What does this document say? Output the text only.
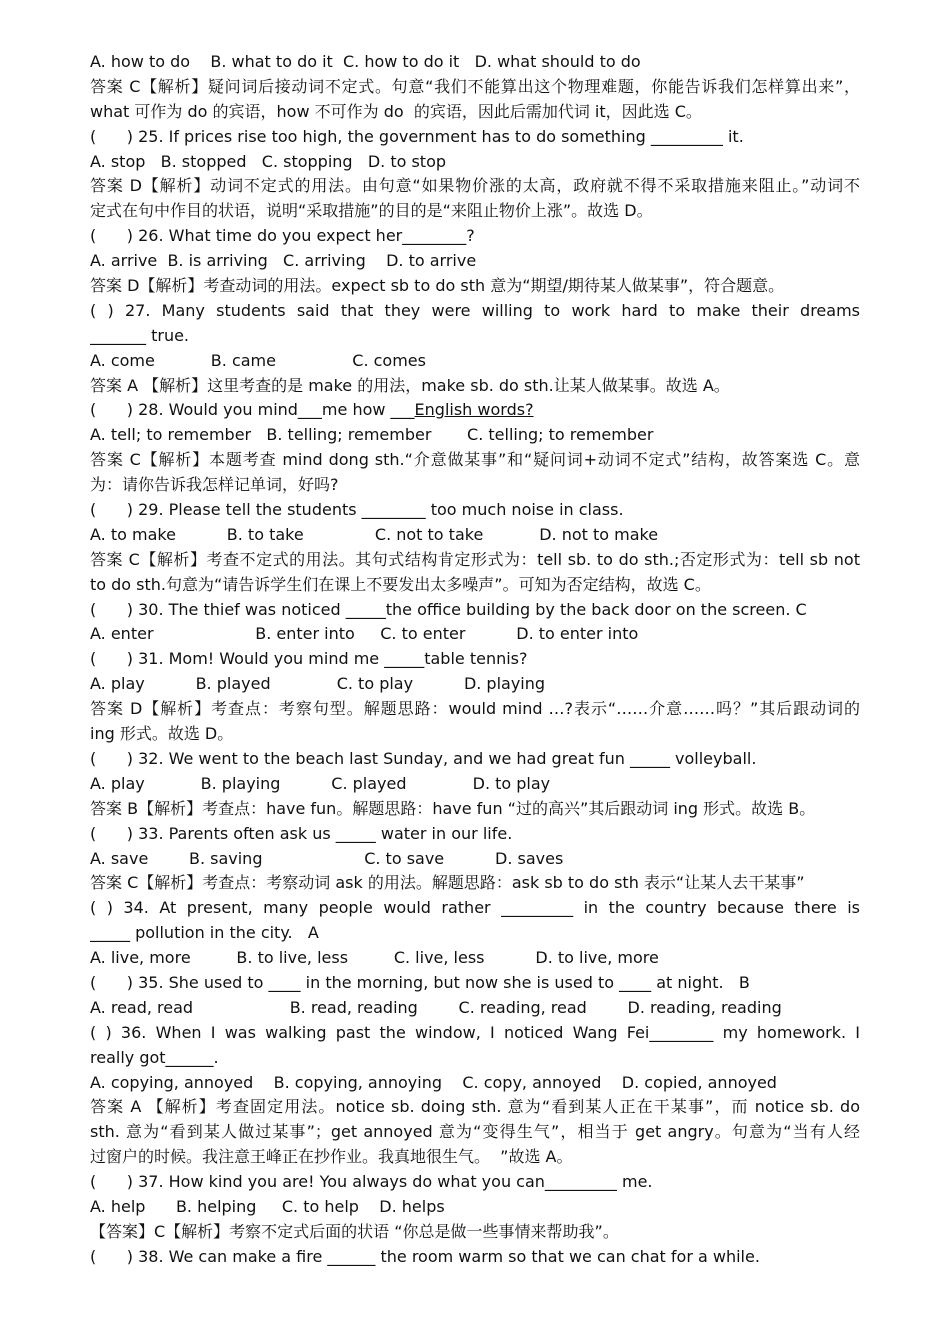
A. how to do    B. what to do it  C. how to do it   D. what should to do
答案 C【解析】疑问词后接动词不定式。句意“我们不能算出这个物理难题，你能告诉我们怎样算出来”，
what 可作为 do 的宾语，how 不可作为 do  的宾语，因此后需加代词 it，因此选 C。
(      ) 25. If prices rise too high, the government has to do something _________ it.
A. stop   B. stopped   C. stopping   D. to stop
答案 D【解析】动词不定式的用法。由句意“如果物价涨的太高，政府就不得不采取措施来阻止。”动词不
定式在句中作目的状语，说明“采取措施”的目的是“来阻止物价上涨”。故选 D。
(      ) 26. What time do you expect her________?
A. arrive  B. is arriving   C. arriving    D. to arrive
答案 D【解析】考查动词的用法。expect sb to do sth 意为“期望/期待某人做某事”，符合题意。
( ) 27. Many students said that they were willing to work hard to make their dreams
_______ true.
A. come           B. came               C. comes
答案 A 【解析】这里考查的是 make 的用法，make sb. do sth.让某人做某事。故选 A。
(      ) 28. Would you mind___me how ___English words?
A. tell; to remember   B. telling; remember       C. telling; to remember
答案 C【解析】本题考查 mind dong sth.“介意做某事”和“疑问词+动词不定式”结构，故答案选 C。意
为：请你告诉我怎样记单词，好吗?
(      ) 29. Please tell the students ________ too much noise in class.
A. to make          B. to take              C. not to take           D. not to make
答案 C【解析】考查不定式的用法。其句式结构肯定形式为：tell sb. to do sth.;否定形式为：tell sb not
to do sth.句意为“请告诉学生们在课上不要发出太多噪声”。可知为否定结构，故选 C。
(      ) 30. The thief was noticed _____the office building by the back door on the screen. C
A. enter                    B. enter into     C. to enter          D. to enter into
(      ) 31. Mom! Would you mind me _____table tennis?
A. play          B. played             C. to play          D. playing
答案 D【解析】考查点：考察句型。解题思路：would mind …?表示“……介意……吗？”其后跟动词的
ing 形式。故选 D。
(      ) 32. We went to the beach last Sunday, and we had great fun _____ volleyball.
A. play           B. playing          C. played             D. to play
答案 B【解析】考查点：have fun。解题思路：have fun “过的高兴”其后跟动词 ing 形式。故选 B。
(      ) 33. Parents often ask us _____ water in our life.
A. save        B. saving                    C. to save          D. saves
答案 C【解析】考查点：考察动词 ask 的用法。解题思路：ask sb to do sth 表示“让某人去干某事”
( ) 34. At present, many people would rather _________ in the country because there is
_____ pollution in the city.   A
A. live, more         B. to live, less         C. live, less          D. to live, more
(      ) 35. She used to ____ in the morning, but now she is used to ____ at night.   B
A. read, read                   B. read, reading        C. reading, read        D. reading, reading
( ) 36. When I was walking past the window, I noticed Wang Fei________ my homework. I
really got______.
A. copying, annoyed    B. copying, annoying    C. copy, annoyed    D. copied, annoyed
答案 A 【解析】考查固定用法。notice sb. doing sth. 意为“看到某人正在干某事”，而 notice sb. do
sth. 意为“看到某人做过某事”；get annoyed 意为“变得生气”，相当于 get angry。句意为“当有人经
过窗户的时候。我注意王峰正在抄作业。我真地很生气。  ”故选 A。
(      ) 37. How kind you are! You always do what you can_________ me.
A. help      B. helping     C. to help    D. helps
【答案】C【解析】考察不定式后面的状语 “你总是做一些事情来帮助我”。
(      ) 38. We can make a fire ______ the room warm so that we can chat for a while.
